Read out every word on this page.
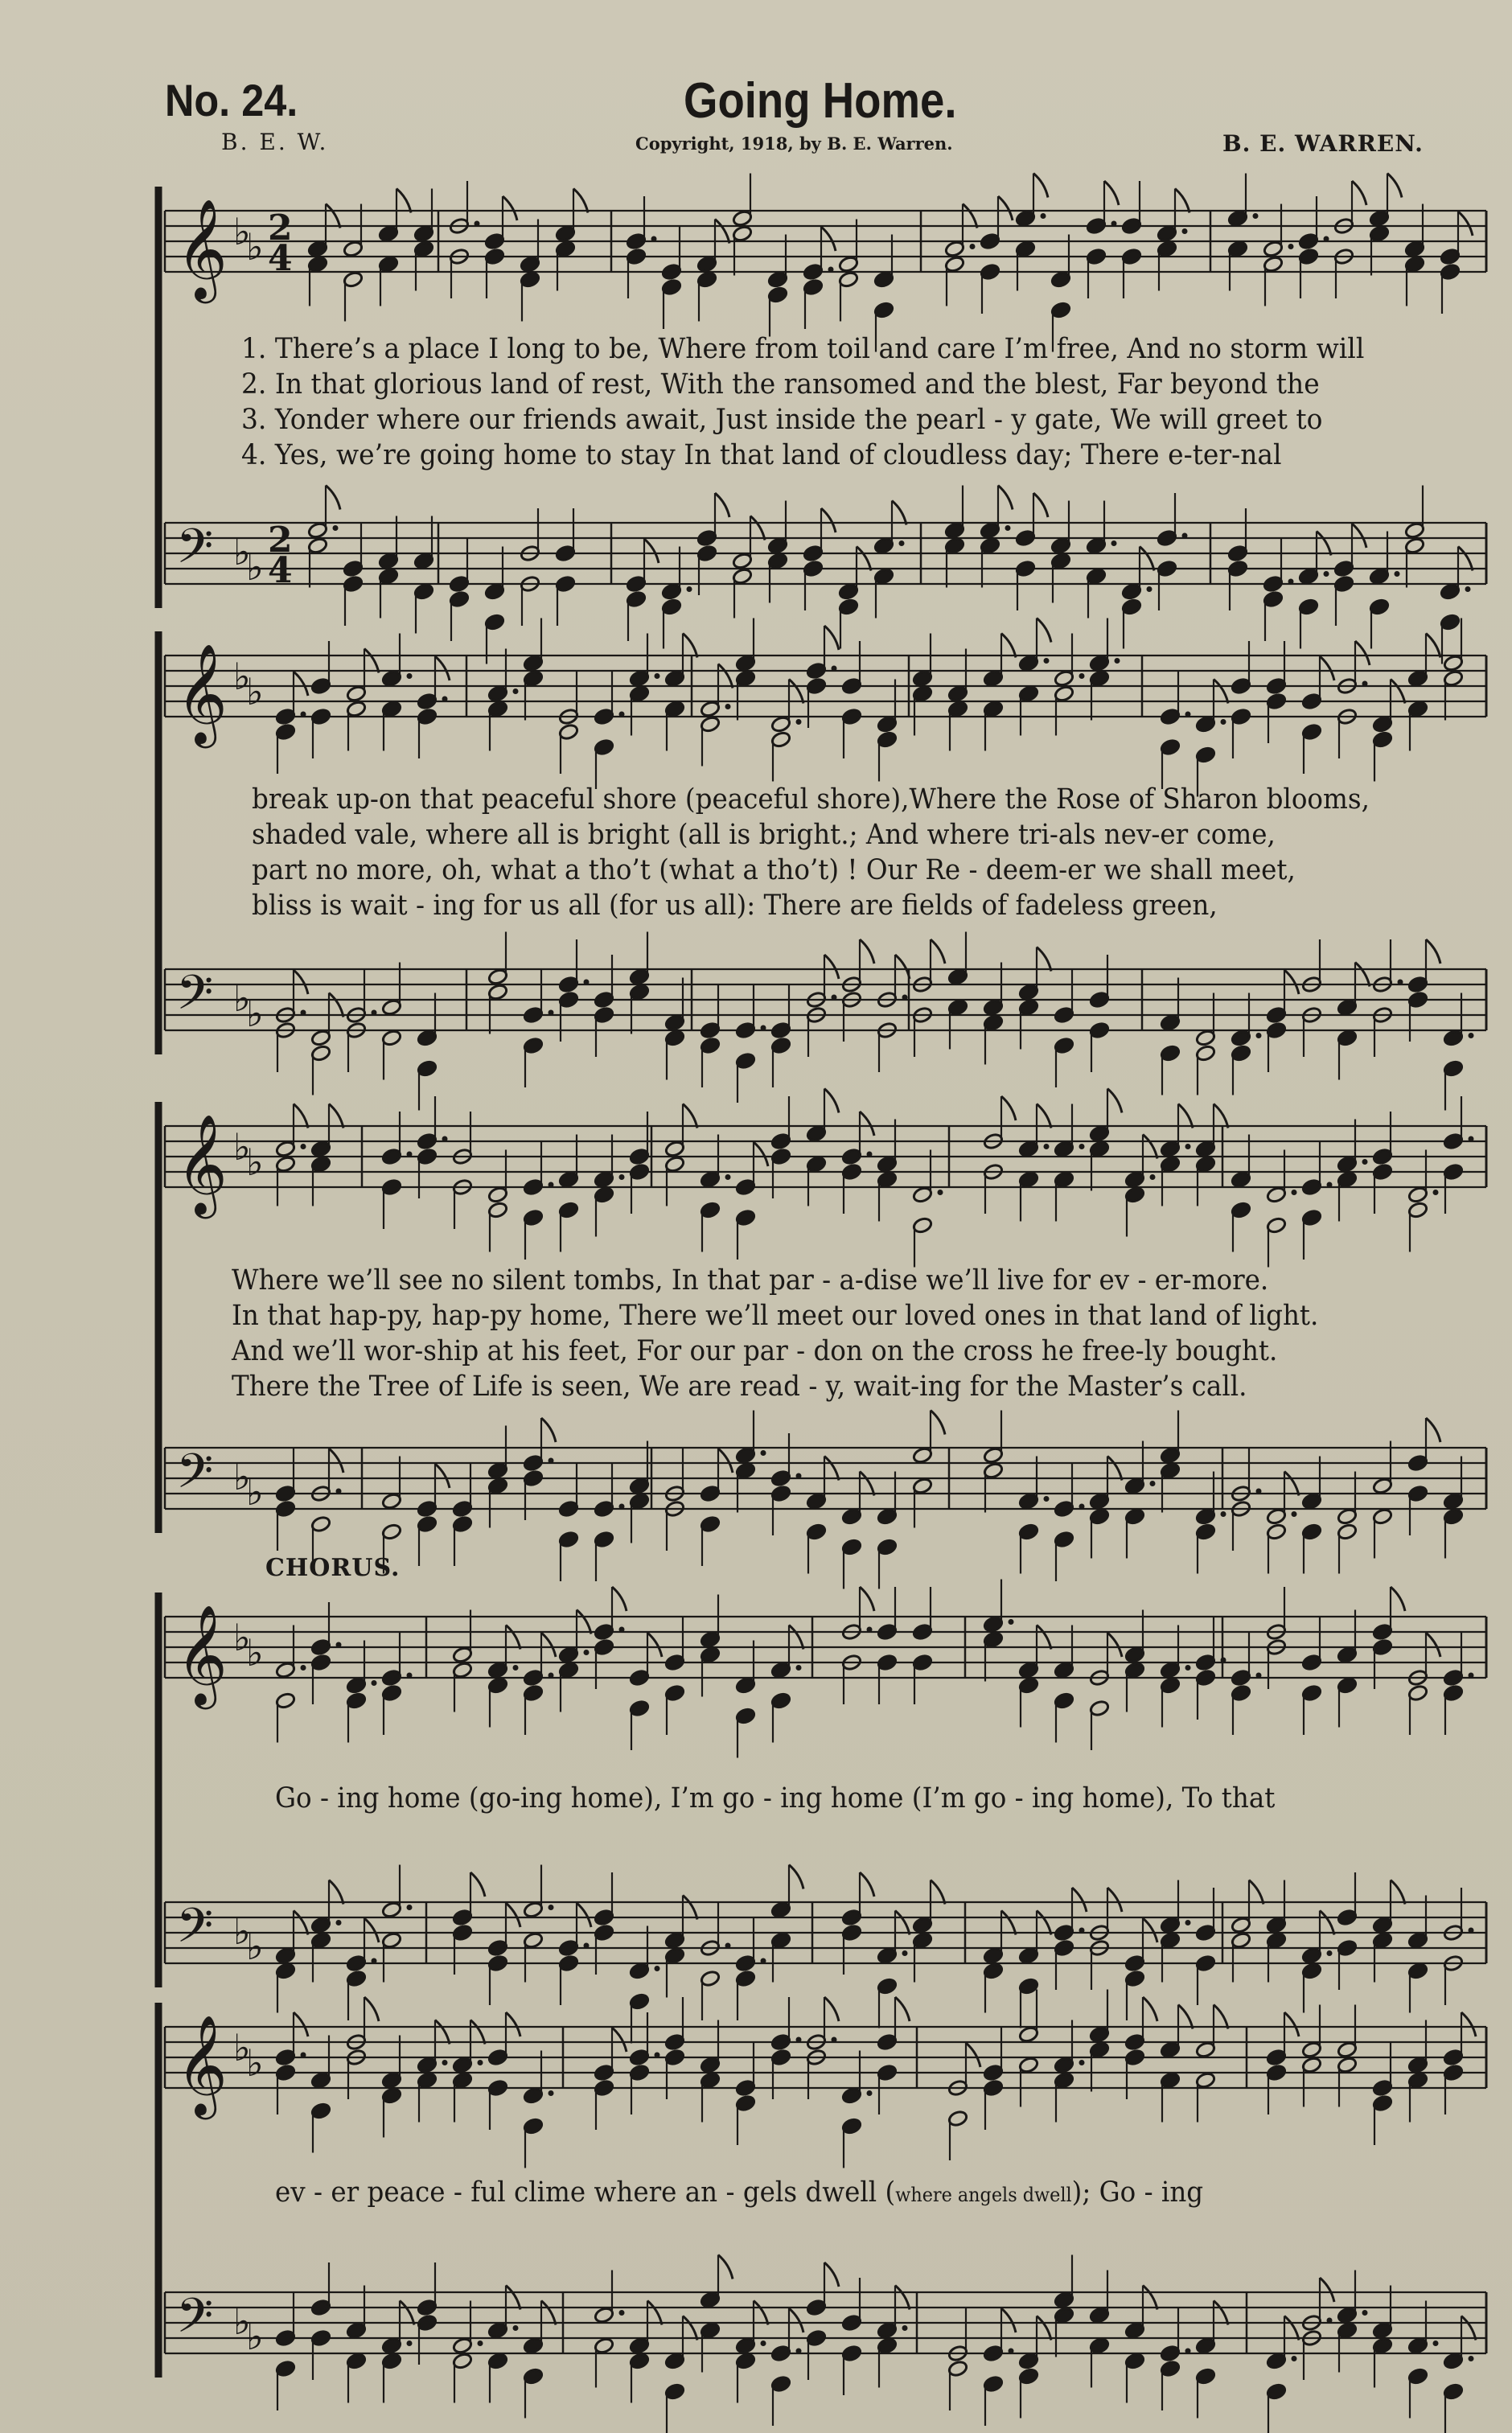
No. 24.	Going Home.
B. E. W.	Copyright, 1918, by B. E. Warren.	B. E. WARREN.
𝄞 ♭
♭ 2
4
𝄢 ♭
♭
2
4
𝄞 ♭
♭
𝄢 ♭
♭
𝄞 ♭
♭
𝄢 ♭
♭
𝄞 ♭
♭
𝄢 ♭
♭
𝄞 ♭
♭
𝄢 ♭
♭
1. There’s a place I long to be, Where from toil and care I’m free, And no storm will
2. In that glorious land of rest, With the ransomed and the blest, Far beyond the
3. Yonder where our friends await, Just inside the pearl - y gate, We will greet to
4. Yes, we’re going home to stay In that land of cloudless day; There e-ter-nal
break up-on that peaceful shore (peaceful shore),Where the Rose of Sharon blooms,
shaded vale, where all is bright (all is bright.; And where tri-als nev-er come,
part no more, oh, what a tho’t (what a tho’t) ! Our Re - deem-er we shall meet,
bliss is wait - ing for us all (for us all): There are fields of fadeless green,
Where we’ll see no silent tombs, In that par - a-dise we’ll live for ev - er-more.
In that hap-py, hap-py home, There we’ll meet our loved ones in that land of light.
And we’ll wor-ship at his feet, For our par - don on the cross he free-ly bought.
There the Tree of Life is seen, We are read - y, wait-ing for the Master’s call.
CHORUS.
Go - ing home (go-ing home), I’m go - ing home (I’m go - ing home), To that
ev - er peace - ful clime where an - gels dwell (where angels dwell); Go - ing
